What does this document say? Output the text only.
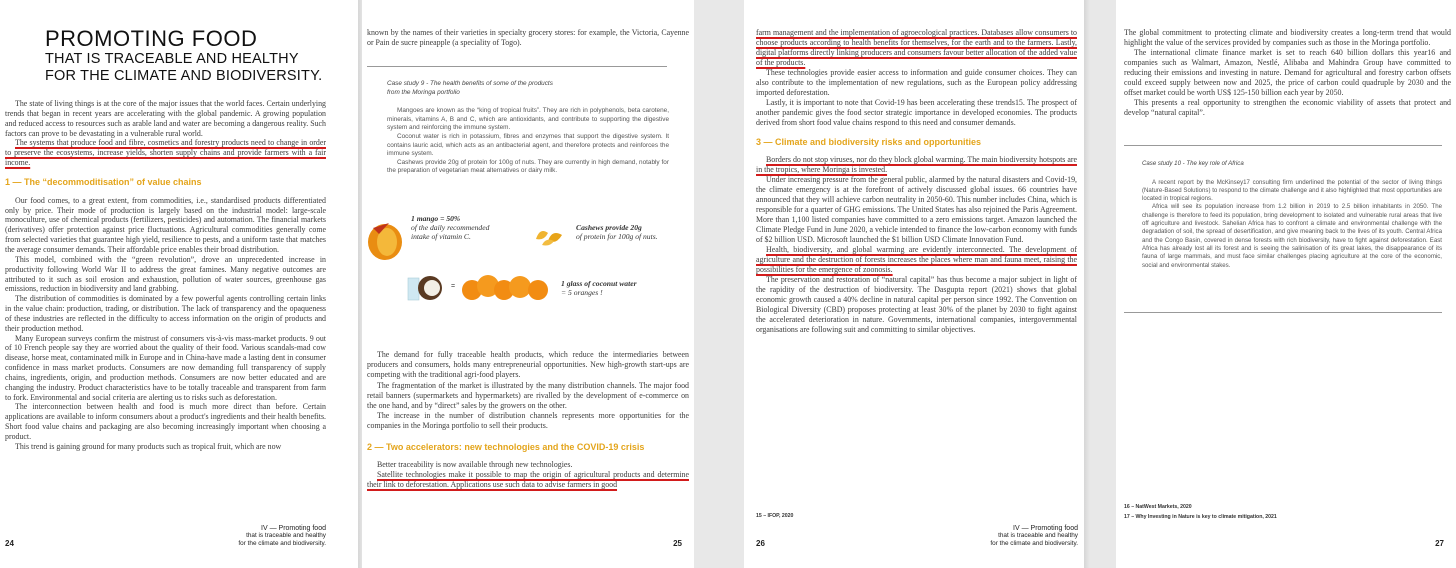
PROMOTING FOOD
THAT IS TRACEABLE AND HEALTHY
FOR THE CLIMATE AND BIODIVERSITY.

The state of living things is at the core of the major issues that the world faces. Certain underlying trends that began in recent years are accelerating with the global pandemic. A growing population and reduced access to resources such as arable land and water are becoming a dangerous reality. Such factors can prove to be devastating in a vulnerable rural world.

The systems that produce food and fibre, cosmetics and forestry products need to change in order to preserve the ecosystems, increase yields, shorten supply chains and provide farmers with a fair income.

1 — The “decommoditisation” of value chains

Our food comes, to a great extent, from commodities, i.e., standardised products differentiated only by price. Their mode of production is largely based on the industrial model: large-scale monoculture, use of chemical products (fertilizers, pesticides) and automation. The financial markets (derivatives) offer protection against price fluctuations. Agricultural commodities generally come from selected varieties that guarantee high yield, resilience to pests, and a uniform taste that matches the average consumer demands. Their affordable price enables their broad distribution.

This model, combined with the “green revolution”, drove an unprecedented increase in productivity following World War II to address the great famines. Many negative outcomes are attributed to it such as soil erosion and exhaustion, pollution of water sources, greenhouse gas emissions, reduction in biodiversity and land grabbing.

The distribution of commodities is dominated by a few powerful agents controlling certain links in the value chain: production, trading, or distribution. The lack of transparency and the opaqueness of these industries are reflected in the difficulty to access information on the origin of products and their production method.

Many European surveys confirm the mistrust of consumers vis-à-vis mass-market products. 9 out of 10 French people say they are worried about the quality of their food. Various scandals-mad cow disease, horse meat, contaminated milk in Europe and in China-have made a lasting dent in consumer confidence in mass market products. Consumers are now demanding full transparency of supply chains, ingredients, origin, and production methods. Consumers are now better educated and are changing the industry. Product characteristics have to be totally traceable and transparent from farm to fork. Environmental and social criteria are alerting us to risks such as deforestation.

The interconnection between health and food is much more direct than before. Certain applications are available to inform consumers about a product's ingredients and their health benefits. Short food value chains and packaging are also becoming increasingly important when choosing a product.

This trend is gaining ground for many products such as tropical fruit, which are now

24
IV — Promoting food
that is traceable and healthy
for the climate and biodiversity.

known by the names of their varieties in specialty grocery stores: for example, the Victoria, Cayenne or Pain de sucre pineapple (a speciality of Togo).

Case study 9 - The health benefits of some of the products
from the Moringa portfolio

Mangoes are known as the “king of tropical fruits”. They are rich in polyphenols, beta carotene, minerals, vitamins A, B and C, which are antioxidants, and contribute to supporting the digestive system and reinforcing the immune system.

Coconut water is rich in potassium, fibres and enzymes that support the digestive system. It contains lauric acid, which acts as an antibacterial agent, and therefore protects and reinforces the immune system.

Cashews provide 20g of protein for 100g of nuts. They are currently in high demand, notably for the preparation of vegetarian meat alternatives or dairy milk.

1 mango = 50%
of the daily recommended
intake of vitamin C.
Cashews provide 20g
of protein for 100g of nuts.
=	1 glass of coconut water
= 5 oranges !

The demand for fully traceable health products, which reduce the intermediaries between producers and consumers, holds many entrepreneurial opportunities. New high-growth start-ups are competing with the traditional agri-food players.

The fragmentation of the market is illustrated by the many distribution channels. The major food retail banners (supermarkets and hypermarkets) are rivalled by the development of e-commerce on the one hand, and by “direct” sales by the growers on the other.

The increase in the number of distribution channels represents more opportunities for the companies in the Moringa portfolio to sell their products.

2 — Two accelerators: new technologies and the COVID-19 crisis

Better traceability is now available through new technologies.

Satellite technologies make it possible to map the origin of agricultural products and determine their link to deforestation. Applications use such data to advise farmers in good

25

farm management and the implementation of agroecological practices. Databases allow consumers to choose products according to health benefits for themselves, for the earth and to the farmers. Lastly, digital platforms directly linking producers and consumers favour better allocation of the added value of the products.

These technologies provide easier access to information and guide consumer choices. They can also contribute to the implementation of new regulations, such as the European policy addressing imported deforestation.

Lastly, it is important to note that Covid-19 has been accelerating these trends15. The prospect of another pandemic gives the food sector strategic importance in developed economies. The products derived from short food value chains respond to this need and consumer demands.

3 — Climate and biodiversity risks and opportunities

Borders do not stop viruses, nor do they block global warming. The main biodiversity hotspots are in the tropics, where Moringa is invested.

Under increasing pressure from the general public, alarmed by the natural disasters and Covid-19, the climate emergency is at the forefront of actively discussed global issues. 66 countries have announced that they will achieve carbon neutrality in 2050-60. This number includes China, which is responsible for a quarter of GHG emissions. The United States has also rejoined the Paris Agreement. More than 1,100 listed companies have committed to a zero emissions target. Amazon launched the Climate Pledge Fund in June 2020, a vehicle intended to finance the low-carbon economy with funds of $2 billion USD. Microsoft launched the $1 billion USD Climate Innovation Fund.

Health, biodiversity, and global warming are evidently interconnected. The development of agriculture and the destruction of forests increases the places where man and fauna meet, raising the possibilities for the emergence of zoonosis.

The preservation and restoration of “natural capital” has thus become a major subject in light of the rapidity of the destruction of biodiversity. The Dasgupta report (2021) shows that global economic growth caused a 40% decline in natural capital per person since 1992. The Convention on Biological Diversity (CBD) proposes protecting at least 30% of the planet by 2030 to fight against the accelerated deterioration in nature. Governments, international companies, intergovernmental organisations are following suit and committing to similar objectives.

15 – IFOP, 2020
26
IV — Promoting food
that is traceable and healthy
for the climate and biodiversity.

The global commitment to protecting climate and biodiversity creates a long-term trend that would highlight the value of the services provided by companies such as those in the Moringa portfolio.

The international climate finance market is set to reach 640 billion dollars this year16 and companies such as Walmart, Amazon, Nestlé, Alibaba and Mahindra Group have committed to reducing their emissions and investing in nature. Demand for agricultural and forestry carbon offsets could exceed supply between now and 2025, the price of carbon could quadruple by 2030 and the offset market could be worth US$ 125-150 billion each year by 2050.

This presents a real opportunity to strengthen the economic viability of assets that protect and develop “natural capital”.

Case study 10 - The key role of Africa

A recent report by the McKinsey17 consulting firm underlined the potential of the sector of living things (Nature-Based Solutions) to respond to the climate challenge and it also highlighted that most opportunities are located in tropical regions.

Africa will see its population increase from 1.2 billion in 2019 to 2.5 billion inhabitants in 2050. The challenge is therefore to feed its population, bring development to isolated and vulnerable rural areas that live off agriculture and livestock. Sahelian Africa has to confront a climate and environmental challenge with the degradation of soil, the spread of desertification, and give meaning back to the lives of its youth. Central Africa and the Congo Basin, covered in dense forests with rich biodiversity, have to fight against deforestation. East Africa has already lost all its forest and is seeing the salinisation of its great lakes, the disappearance of its fauna of large mammals, and must face similar challenges placing agriculture at the core of the economic, social and environmental stakes.

16 – NatWest Markets, 2020
17 – Why Investing in Nature is key to climate mitigation, 2021
27
